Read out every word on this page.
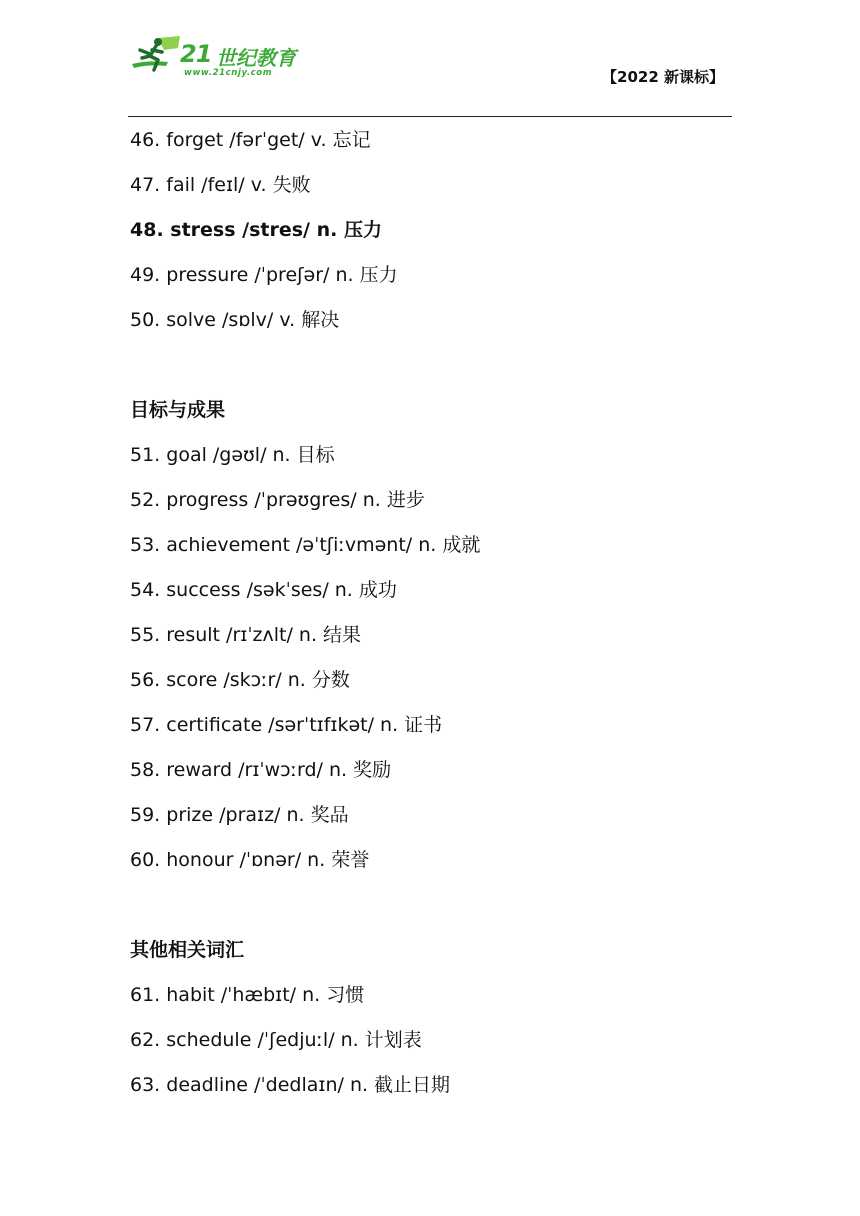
21 世纪教育
www.21cnjy.com	【2022 新课标】
46. forget /fərˈget/ v. 忘记
47. fail /feɪl/ v. 失败
48. stress /stres/ n. 压力
49. pressure /ˈpreʃər/ n. 压力
50. solve /sɒlv/ v. 解决
目标与成果
51. goal /gəʊl/ n. 目标
52. progress /ˈprəʊgres/ n. 进步
53. achievement /əˈtʃiːvmənt/ n. 成就
54. success /səkˈses/ n. 成功
55. result /rɪˈzʌlt/ n. 结果
56. score /skɔːr/ n. 分数
57. certificate /sərˈtɪfɪkət/ n. 证书
58. reward /rɪˈwɔːrd/ n. 奖励
59. prize /praɪz/ n. 奖品
60. honour /ˈɒnər/ n. 荣誉
其他相关词汇
61. habit /ˈhæbɪt/ n. 习惯
62. schedule /ˈʃedjuːl/ n. 计划表
63. deadline /ˈdedlaɪn/ n. 截止日期
